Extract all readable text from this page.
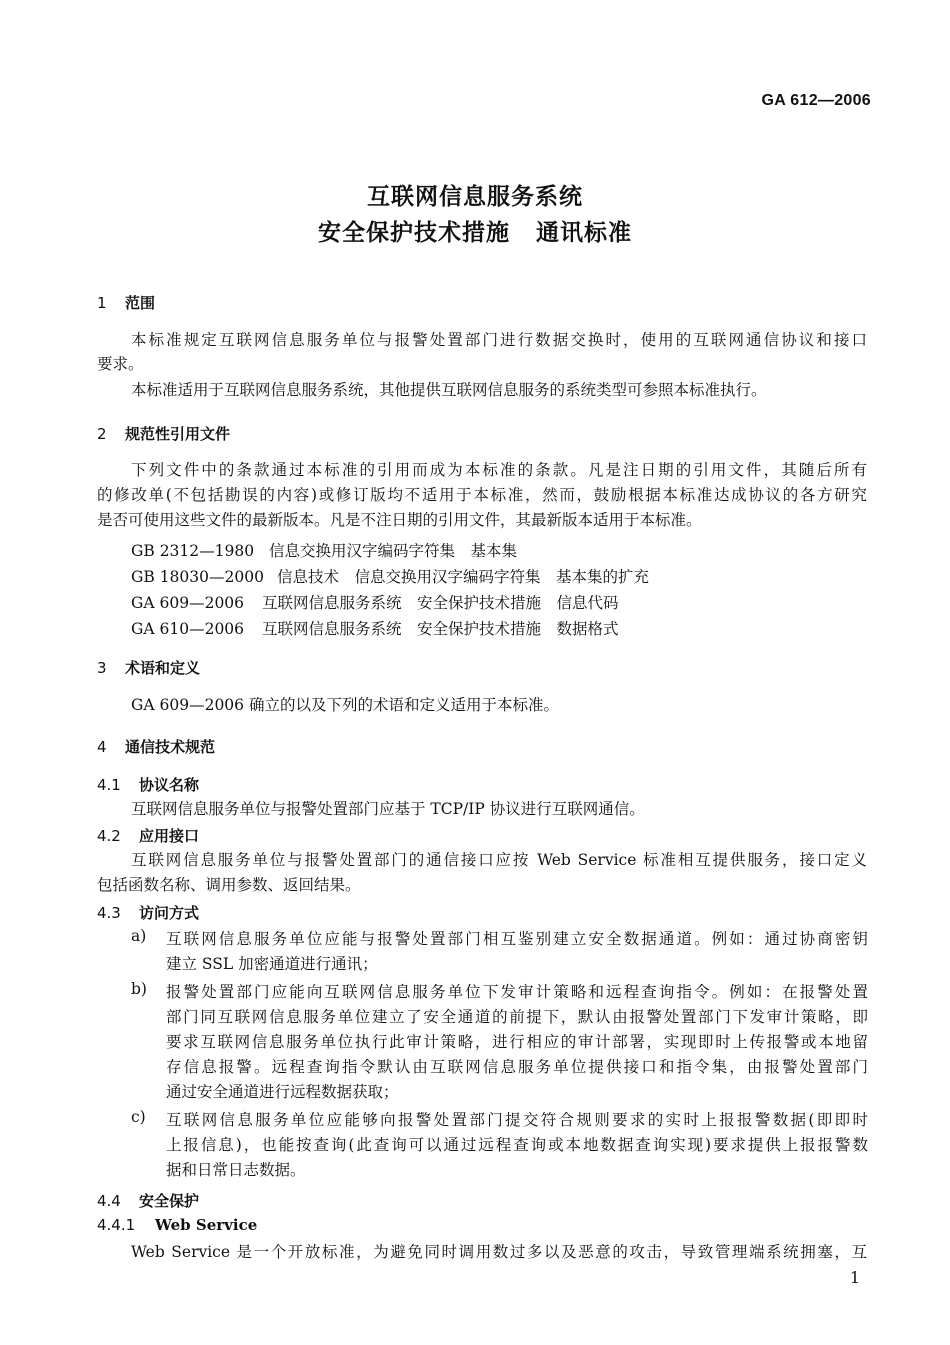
GA 612—2006
互联网信息服务系统
安全保护技术措施 通讯标准
1 范围
本标准规定互联网信息服务单位与报警处置部门进行数据交换时，使用的互联网通信协议和接口
要求。
本标准适用于互联网信息服务系统，其他提供互联网信息服务的系统类型可参照本标准执行。
2 规范性引用文件
下列文件中的条款通过本标准的引用而成为本标准的条款。凡是注日期的引用文件，其随后所有
的修改单(不包括勘误的内容)或修订版均不适用于本标准，然而，鼓励根据本标准达成协议的各方研究
是否可使用这些文件的最新版本。凡是不注日期的引用文件，其最新版本适用于本标准。
GB 2312—1980 信息交换用汉字编码字符集　基本集
GB 18030—2000 信息技术　信息交换用汉字编码字符集　基本集的扩充
GA 609—2006 互联网信息服务系统　安全保护技术措施　信息代码
GA 610—2006 互联网信息服务系统　安全保护技术措施　数据格式
3 术语和定义
GA 609—2006 确立的以及下列的术语和定义适用于本标准。
4 通信技术规范
4.1 协议名称
互联网信息服务单位与报警处置部门应基于 TCP/IP 协议进行互联网通信。
4.2 应用接口
互联网信息服务单位与报警处置部门的通信接口应按 Web Service 标准相互提供服务，接口定义
包括函数名称、调用参数、返回结果。
4.3 访问方式
a) 互联网信息服务单位应能与报警处置部门相互鉴别建立安全数据通道。例如：通过协商密钥
建立 SSL 加密通道进行通讯；
b) 报警处置部门应能向互联网信息服务单位下发审计策略和远程查询指令。例如：在报警处置
部门同互联网信息服务单位建立了安全通道的前提下，默认由报警处置部门下发审计策略，即
要求互联网信息服务单位执行此审计策略，进行相应的审计部署，实现即时上传报警或本地留
存信息报警。远程查询指令默认由互联网信息服务单位提供接口和指令集，由报警处置部门
通过安全通道进行远程数据获取；
c) 互联网信息服务单位应能够向报警处置部门提交符合规则要求的实时上报报警数据(即即时
上报信息)，也能按查询(此查询可以通过远程查询或本地数据查询实现)要求提供上报报警数
据和日常日志数据。
4.4 安全保护
4.4.1 Web Service
Web Service 是一个开放标准，为避免同时调用数过多以及恶意的攻击，导致管理端系统拥塞，互
1
